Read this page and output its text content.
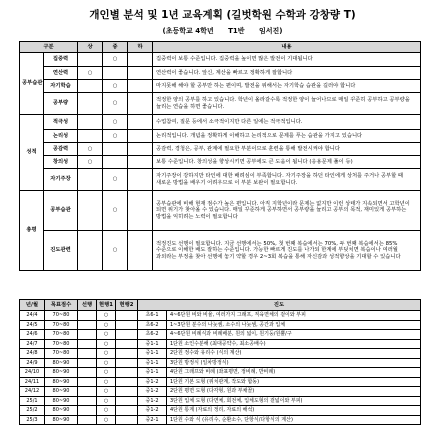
개인별 분석 및 1년 교육계획 (길벗학원 수학과 강창량 T)
(초등학교 4학년 T1반 임서진)
구분		상	중	하	내용
공부습관	집중력		○		집중력이 보통 수준입니다. 집중력을 높이면 많은 발전이 기대됩니다
	연산력	○			연산력이 좋습니다. 앞신, 계산을 빠르고 정확하게 잘합니다
	자기학습		○		마지못해 해야 할 공부만 하는 편이며, 발전을 위해서는 자기학습 습관을 길러야 합니다
	공부량		○		적정한 양의 공부를 하고 있습니다. 학년이 올라갈수록 적정한 양이 늘어나므로 매일 꾸준히 공부하고 공부량을 늘리는 연습을 하면 좋습니다.
성적	적극성		○		수업참여, 질문 등에서 소극적이지만 다른 일에는 적극적입니다.
	논리성		○		논리적입니다. 개념을 정확하게 이해하고 논리적으로 문제를 푸는 습관을 가지고 있습니다
	공감력	○			공감력, 경청은, 공부, 관계에 필요한 부분이므로 훈련을 통해 발전시켜야 합니다
	창의성	○			보통 수준입니다. 창의성을 향상시키면 공부에도 큰 도움이 됩니다 (응용문제 풀이 등)
	자기주장		○		자기주장이 강하지만 타인에 대한 배려심이 부족합니다. 자기주장을 하던 타인에게 상처를 주거나 공부할 때 새로운 방법을 배우기 어려우므로 이 부분 보완이 필요합니다.
총평	공부습관		○		공부습관에 비해 현재 점수가 높은 편입니다. 아직 지학년이라 문제는 없지만 이런 상태가 지속되면서 고학년이 되면 위기가 찾아올 수 있습니다. 매일 꾸준하게 공부하면서 공부량을 늘리고 공부의 목적, 재미있게 공부하는 방법을 익히려는 노력이 필요합니다
	진도관련		○		적정진도 선행이 필요합니다. 지금 선행에서는 50%, 첫 번째 복습에서는 70%, 두 번째 복습에서는 85% 수준으로 이해한 배도 잘하는 수준입니다. 가능한 빠르게 진도를 나가되 한계에 부딪치면 복습이나 여러월 과외라는 부정을 찾아 선행에 놓기 약할 경우 2~3회 복습을 통해 자신감과 성적향상을 기대할 수 있습니다
년/월	목표점수	선행	현행1	현행2	진도	
24/4	70~80		○		초6-1	4~6단원 비와 비율, 여러가지 그래프, 직육면체의 겉이와 부피
24/5	70~80		○		초6-2	1~3단원 분수의 나눗셈, 소수의 나눗셈, 공간과 입체
24/6	70~80		○		초6-2	4~6단원 비례식과 비례배분, 원의 넓이, 원기둥/원뿔/구
24/7	70~80		○		중1-1	1단원 소인수분해 (최대공약수, 최소공배수)
24/8	70~80		○		중1-1	2단원 정수와 유리수 (식의 계산)
24/9	80~90		○		중1-1	3단원 방정식 (일차방정식)
24/10	80~90		○		중1-1	4단원 그래프와 비례 (좌표평면, 정비례, 반비례)
24/11	80~90		○		중1-2	1단원 기본 도형 (위치관계, 작도와 합동)
24/12	80~90		○		중1-2	2단원 평면 도형 (다각형, 원과 부채꼴)
25/1	80~90		○		중1-2	3단원 입체 도형 (다면체, 회전체, 입체도형의 겉넓이와 부피)
25/2	80~90		○		중1-2	4단원 통계 (자료의 정리, 자료의 해석)
25/3	80~90		○		중2-1	1단원 수와 식 (유리수, 순환소수, 단항식/다항식의 계산)
